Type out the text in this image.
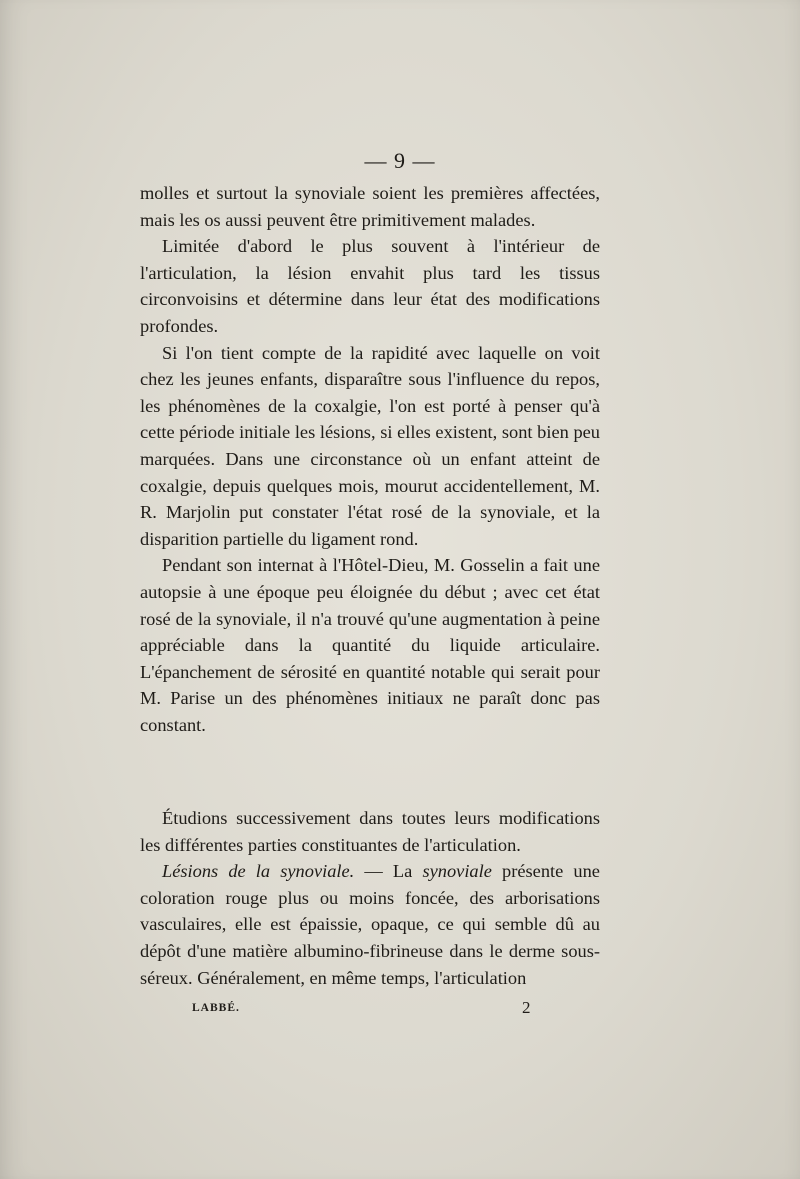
— 9 —

molles et surtout la synoviale soient les premières affectées, mais les os aussi peuvent être primitivement malades.

Limitée d'abord le plus souvent à l'intérieur de l'articulation, la lésion envahit plus tard les tissus circonvoisins et détermine dans leur état des modifications profondes.

Si l'on tient compte de la rapidité avec laquelle on voit chez les jeunes enfants, disparaître sous l'influence du repos, les phénomènes de la coxalgie, l'on est porté à penser qu'à cette période initiale les lésions, si elles existent, sont bien peu marquées. Dans une circonstance où un enfant atteint de coxalgie, depuis quelques mois, mourut accidentellement, M. R. Marjolin put constater l'état rosé de la synoviale, et la disparition partielle du ligament rond.

Pendant son internat à l'Hôtel-Dieu, M. Gosselin a fait une autopsie à une époque peu éloignée du début ; avec cet état rosé de la synoviale, il n'a trouvé qu'une augmentation à peine appréciable dans la quantité du liquide articulaire. L'épanchement de sérosité en quantité notable qui serait pour M. Parise un des phénomènes initiaux ne paraît donc pas constant.

Étudions successivement dans toutes leurs modifications les différentes parties constituantes de l'articulation.

Lésions de la synoviale. — La synoviale présente une coloration rouge plus ou moins foncée, des arborisations vasculaires, elle est épaissie, opaque, ce qui semble dû au dépôt d'une matière albumino-fibrineuse dans le derme sous-séreux. Généralement, en même temps, l'articulation

LABBÉ.	2
